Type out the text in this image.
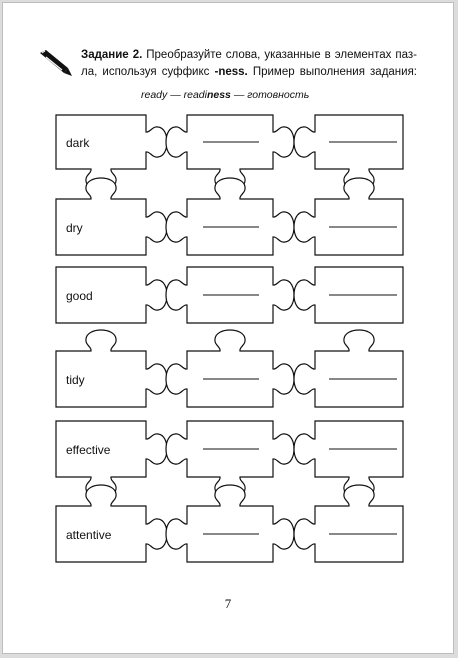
Задание 2. Преобразуйте слова, указанные в элементах паз-
ла, используя суффикс -ness. Пример выполнения задания:
ready — readiness — готовность
dark
dry
good
tidy
effective
attentive
7
